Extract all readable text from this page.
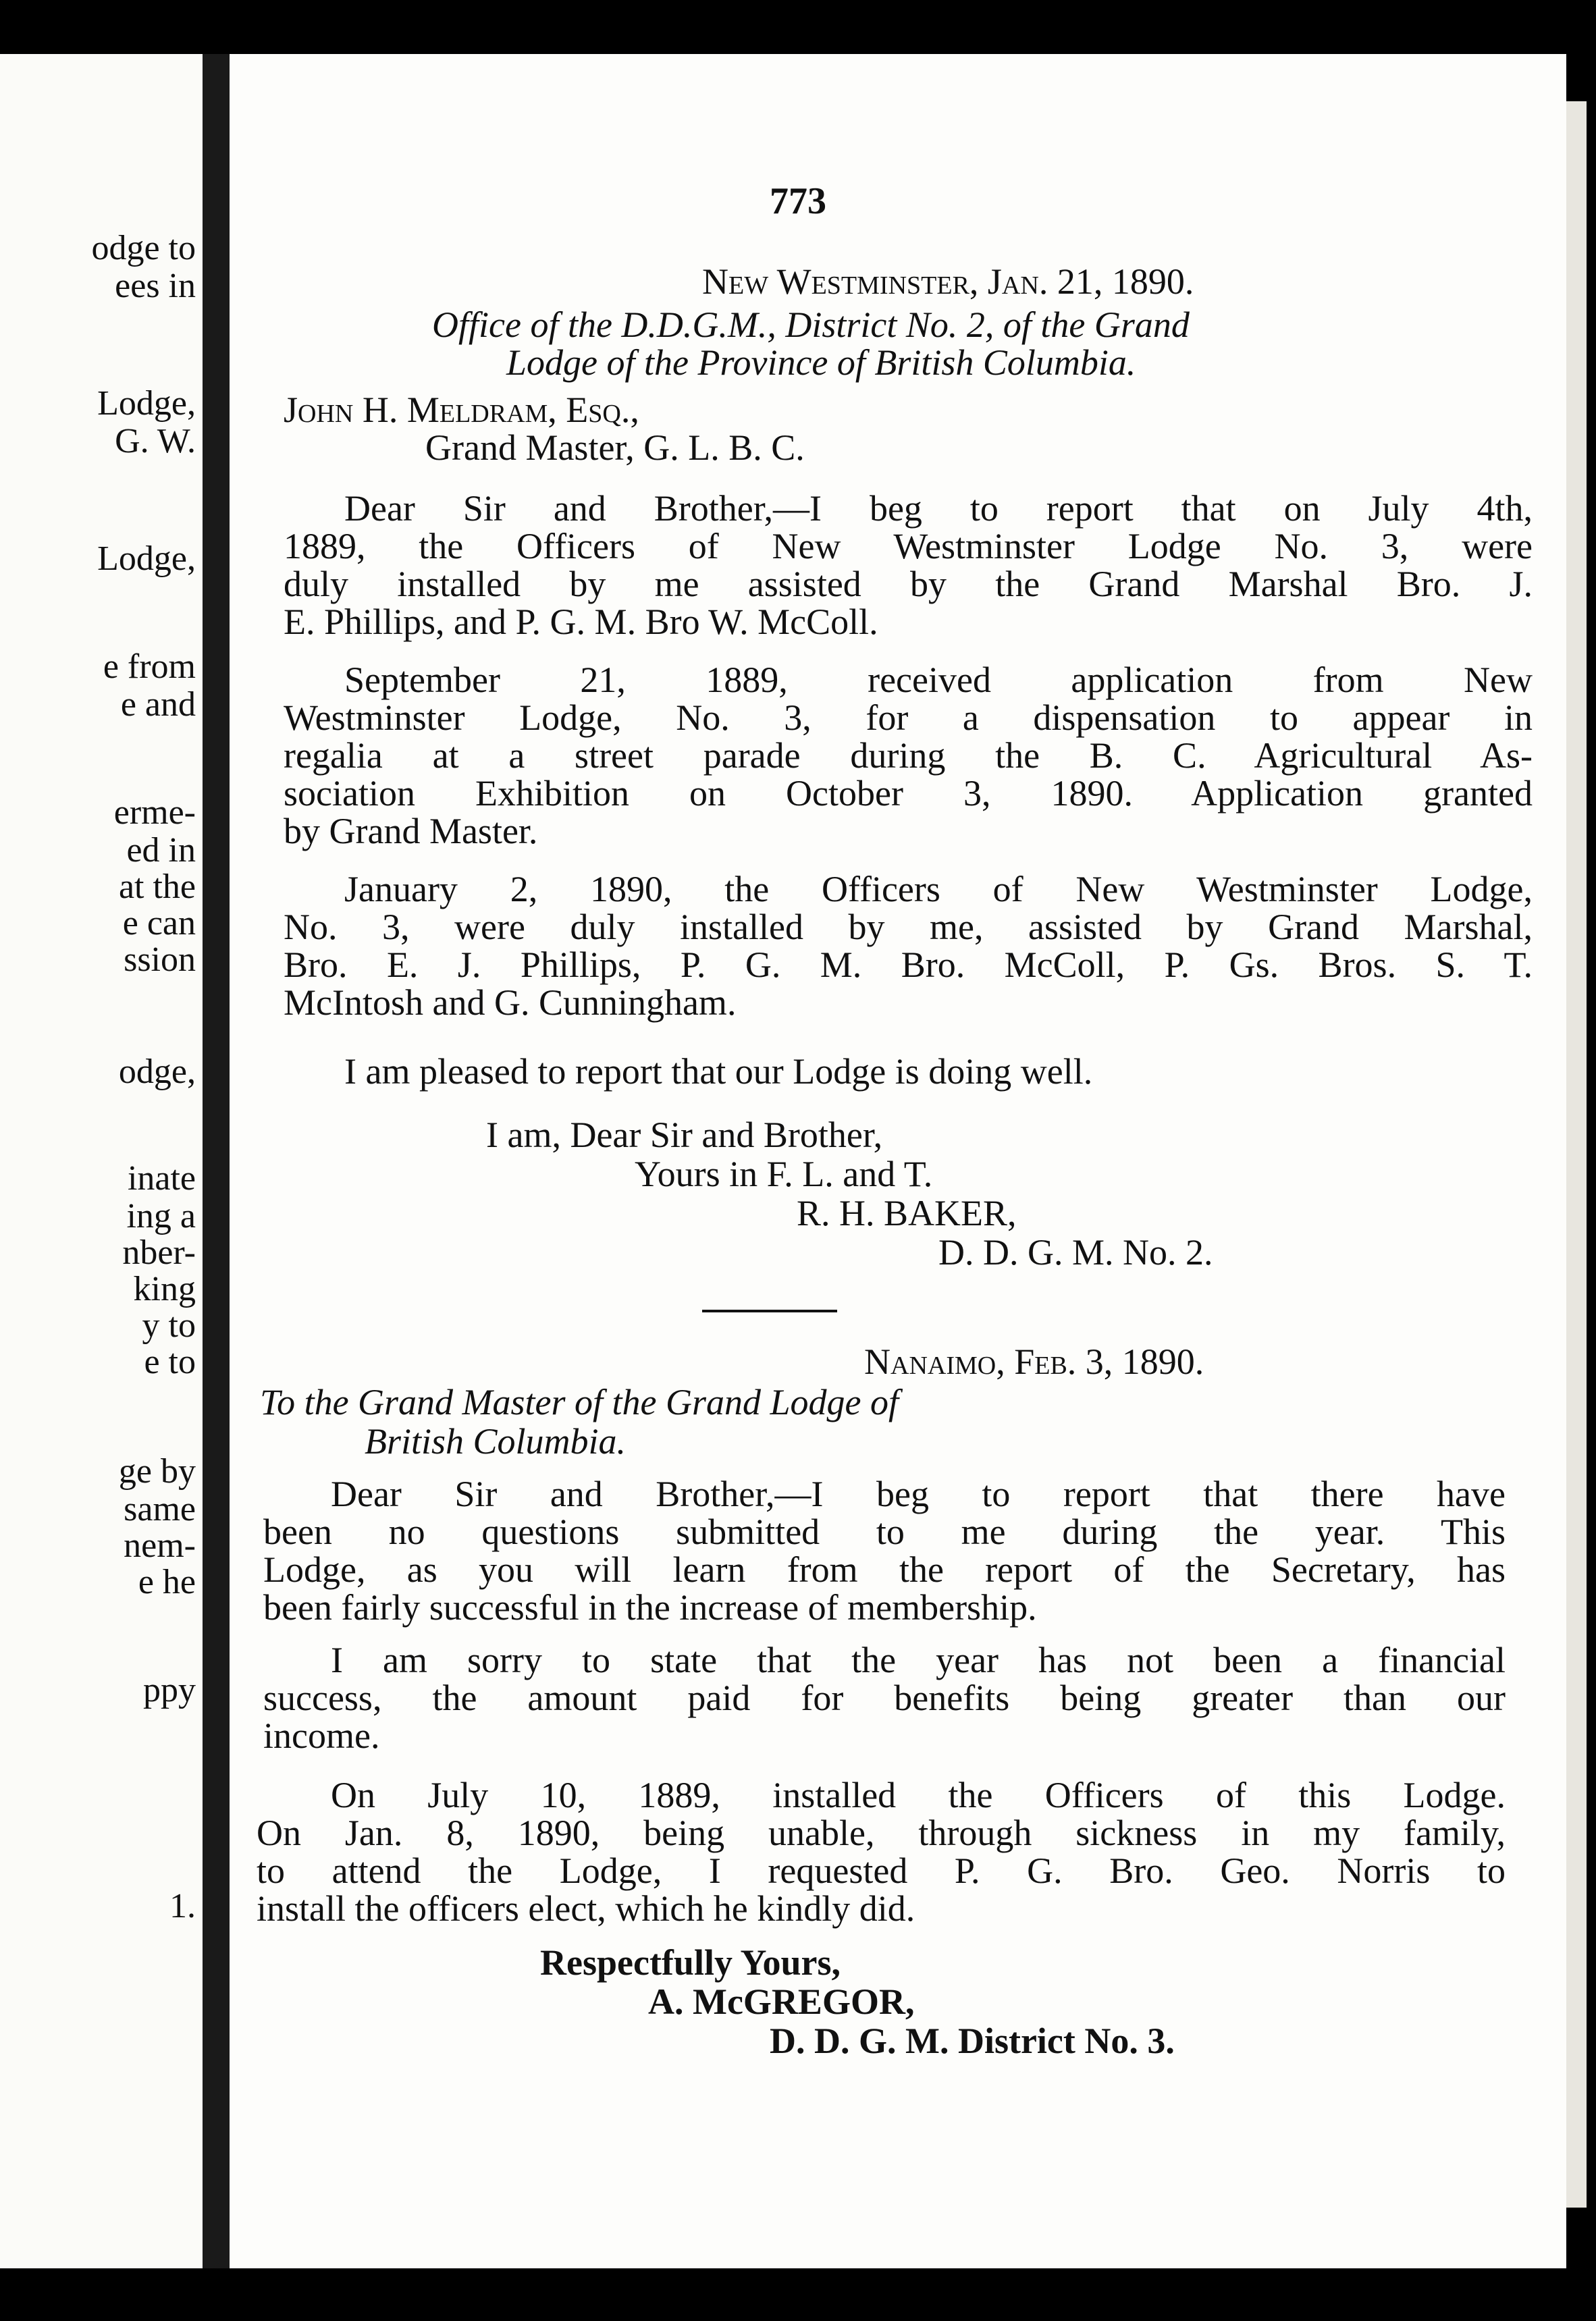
odge to
ees in
Lodge,
G. W.
Lodge,
e from
e and
erme-
ed in
at the
e can
ssion
odge,
inate
ing a
nber-
king
y to
e to
ge by
same
nem-
e he
ppy
1.
773
New Westminster, Jan. 21, 1890.
Office of the D.D.G.M., District No. 2, of the Grand
Lodge of the Province of British Columbia.
John H. Meldram, Esq.,
Grand Master, G. L. B. C.
Dear Sir and Brother,—I beg to report that on July 4th,
1889, the Officers of New Westminster Lodge No. 3, were
duly installed by me assisted by the Grand Marshal Bro. J.
E. Phillips, and P. G. M. Bro W. McColl.
September 21, 1889, received application from New
Westminster Lodge, No. 3, for a dispensation to appear in
regalia at a street parade during the B. C. Agricultural As-
sociation Exhibition on October 3, 1890. Application granted
by Grand Master.
January 2, 1890, the Officers of New Westminster Lodge,
No. 3, were duly installed by me, assisted by Grand Marshal,
Bro. E. J. Phillips, P. G. M. Bro. McColl, P. Gs. Bros. S. T.
McIntosh and G. Cunningham.
I am pleased to report that our Lodge is doing well.
I am, Dear Sir and Brother,
Yours in F. L. and T.
R. H. BAKER,
D. D. G. M. No. 2.
Nanaimo, Feb. 3, 1890.
To the Grand Master of the Grand Lodge of
British Columbia.
Dear Sir and Brother,—I beg to report that there have
been no questions submitted to me during the year. This
Lodge, as you will learn from the report of the Secretary, has
been fairly successful in the increase of membership.
I am sorry to state that the year has not been a financial
success, the amount paid for benefits being greater than our
income.
On July 10, 1889, installed the Officers of this Lodge.
On Jan. 8, 1890, being unable, through sickness in my family,
to attend the Lodge, I requested P. G. Bro. Geo. Norris to
install the officers elect, which he kindly did.
Respectfully Yours,
A. McGREGOR,
D. D. G. M. District No. 3.
